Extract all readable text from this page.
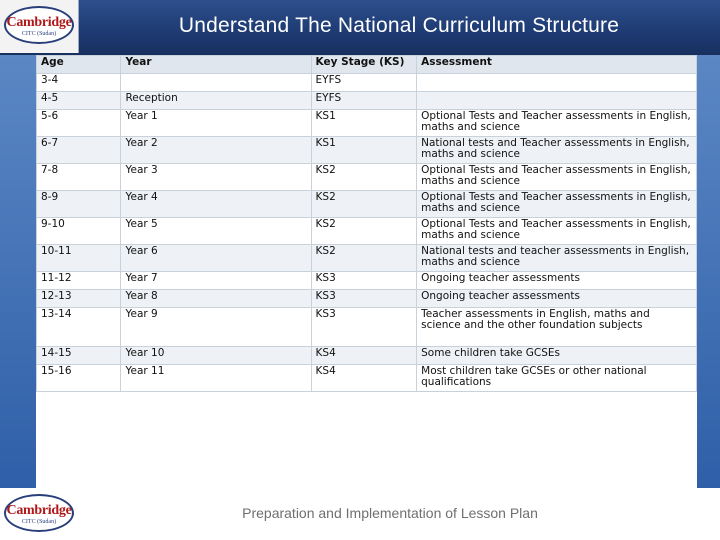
Cambridge
CITC (Sudan)	Understand The National Curriculum Structure
Age	Year	Key Stage (KS)	Assessment
3-4		EYFS	
4-5	Reception	EYFS	
5-6	Year 1	KS1	Optional Tests and Teacher assessments in English, maths and science
6-7	Year 2	KS1	National tests and Teacher assessments in English, maths and science
7-8	Year 3	KS2	Optional Tests and Teacher assessments in English, maths and science
8-9	Year 4	KS2	Optional Tests and Teacher assessments in English, maths and science
9-10	Year 5	KS2	Optional Tests and Teacher assessments in English, maths and science
10-11	Year 6	KS2	National tests and teacher assessments in English, maths and science
11-12	Year 7	KS3	Ongoing teacher assessments
12-13	Year 8	KS3	Ongoing teacher assessments
13-14	Year 9	KS3	Teacher assessments in English, maths and science and the other foundation subjects
14-15	Year 10	KS4	Some children take GCSEs
15-16	Year 11	KS4	Most children take GCSEs or other national qualifications
Cambridge
CITC (Sudan)
Preparation and Implementation of Lesson Plan
